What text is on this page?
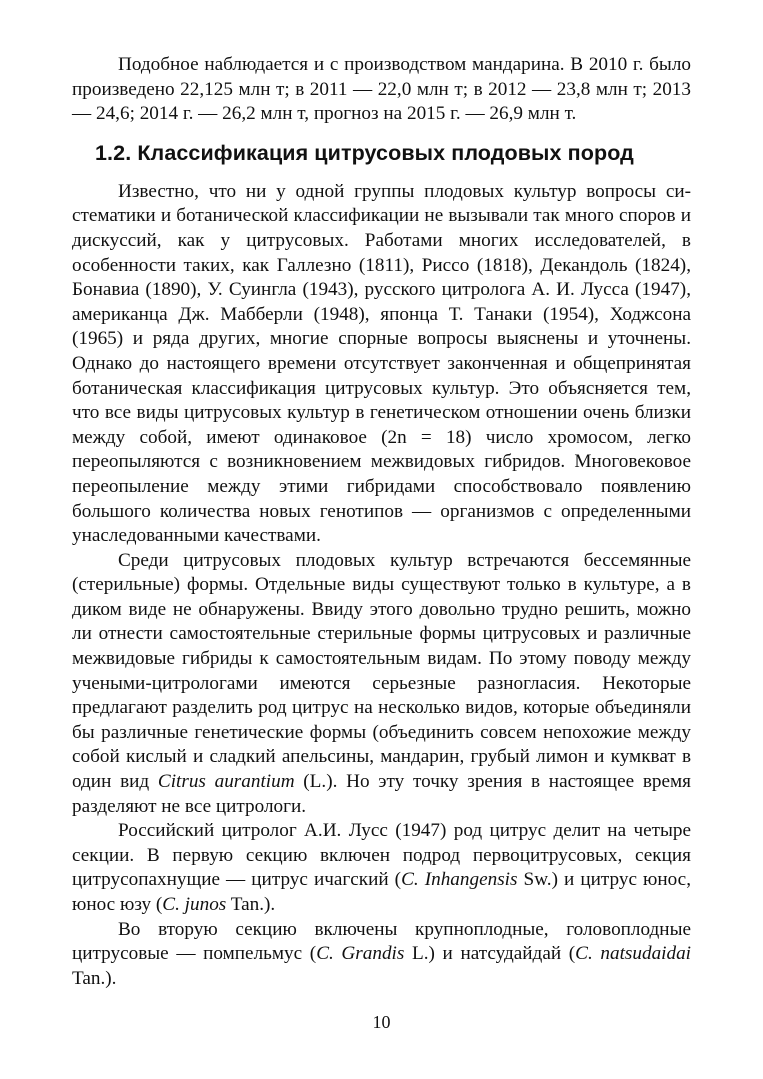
Подобное наблюдается и с производством мандарина. В 2010 г. было произведено 22,125 млн т; в 2011 — 22,0 млн т; в 2012 — 23,8 млн т; 2013 — 24,6; 2014 г. — 26,2 млн т, прогноз на 2015 г. — 26,9 млн т.

1.2. Классификация цитрусовых плодовых пород

Известно, что ни у одной группы плодовых культур вопросы систематики и ботанической классификации не вызывали так много споров и дискуссий, как у цитрусовых. Работами многих исследователей, в особенности таких, как Галлезно (1811), Риссо (1818), Декандоль (1824), Бонавиа (1890), У. Суингла (1943), русского цитролога А. И. Лусса (1947), американца Дж. Мабберли (1948), японца Т. Танаки (1954), Ходжсона (1965) и ряда других, многие спорные вопросы выяснены и уточнены. Однако до настоящего времени отсутствует законченная и общепринятая ботаническая классификация цитрусовых культур. Это объясняется тем, что все виды цитрусовых культур в генетическом отношении очень близки между собой, имеют одинаковое (2n = 18) число хромосом, легко переопыляются с возникновением межвидовых гибридов. Многовековое переопыление между этими гибридами способствовало появлению большого количества новых генотипов — организмов с определенными унаследованными качествами.

Среди цитрусовых плодовых культур встречаются бессемянные (стерильные) формы. Отдельные виды существуют только в культуре, а в диком виде не обнаружены. Ввиду этого довольно трудно решить, можно ли отнести самостоятельные стерильные формы цитрусовых и различные межвидовые гибриды к самостоятельным видам. По этому поводу между учеными-цитрологами имеются серьезные разногласия. Некоторые предлагают разделить род цитрус на несколько видов, которые объединяли бы различные генетические формы (объединить совсем непохожие между собой кислый и сладкий апельсины, мандарин, грубый лимон и кумкват в один вид Citrus aurantium (L.). Но эту точку зрения в настоящее время разделяют не все цитрологи.

Российский цитролог А.И. Лусс (1947) род цитрус делит на четыре секции. В первую секцию включен подрод первоцитрусовых, секция цитрусопахнущие — цитрус ичагский (C. Inhangensis Sw.) и цитрус юнос, юнос юзу (C. junos Tan.).

Во вторую секцию включены крупноплодные, головоплодные цитрусовые — помпельмус (C. Grandis L.) и натсудайдай (C. natsudaidai Tan.).

10
